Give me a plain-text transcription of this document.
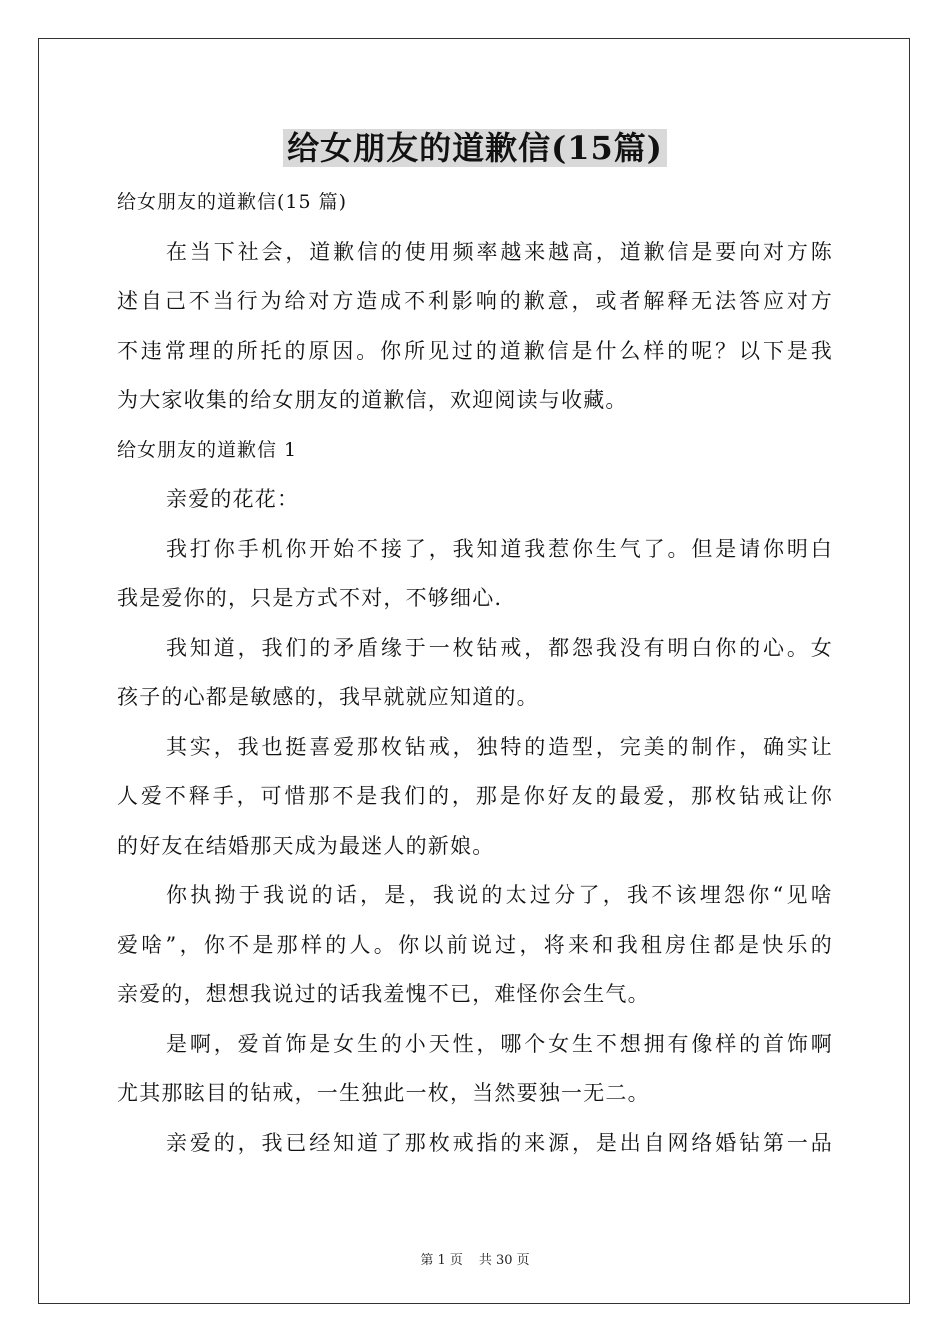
给女朋友的道歉信(15篇)
给女朋友的道歉信(15 篇)
在当下社会，道歉信的使用频率越来越高，道歉信是要向对方陈
述自己不当行为给对方造成不利影响的歉意，或者解释无法答应对方
不违常理的所托的原因。你所见过的道歉信是什么样的呢？以下是我
为大家收集的给女朋友的道歉信，欢迎阅读与收藏。
给女朋友的道歉信 1
亲爱的花花：
我打你手机你开始不接了，我知道我惹你生气了。但是请你明白
我是爱你的，只是方式不对，不够细心.
我知道，我们的矛盾缘于一枚钻戒，都怨我没有明白你的心。女
孩子的心都是敏感的，我早就就应知道的。
其实，我也挺喜爱那枚钻戒，独特的造型，完美的制作，确实让
人爱不释手，可惜那不是我们的，那是你好友的最爱，那枚钻戒让你
的好友在结婚那天成为最迷人的新娘。
你执拗于我说的话，是，我说的太过分了，我不该埋怨你“见啥
爱啥”，你不是那样的人。你以前说过，将来和我租房住都是快乐的
亲爱的，想想我说过的话我羞愧不已，难怪你会生气。
是啊，爱首饰是女生的小天性，哪个女生不想拥有像样的首饰啊
尤其那眩目的钻戒，一生独此一枚，当然要独一无二。
亲爱的，我已经知道了那枚戒指的来源，是出自网络婚钻第一品
第 1 页 共 30 页
